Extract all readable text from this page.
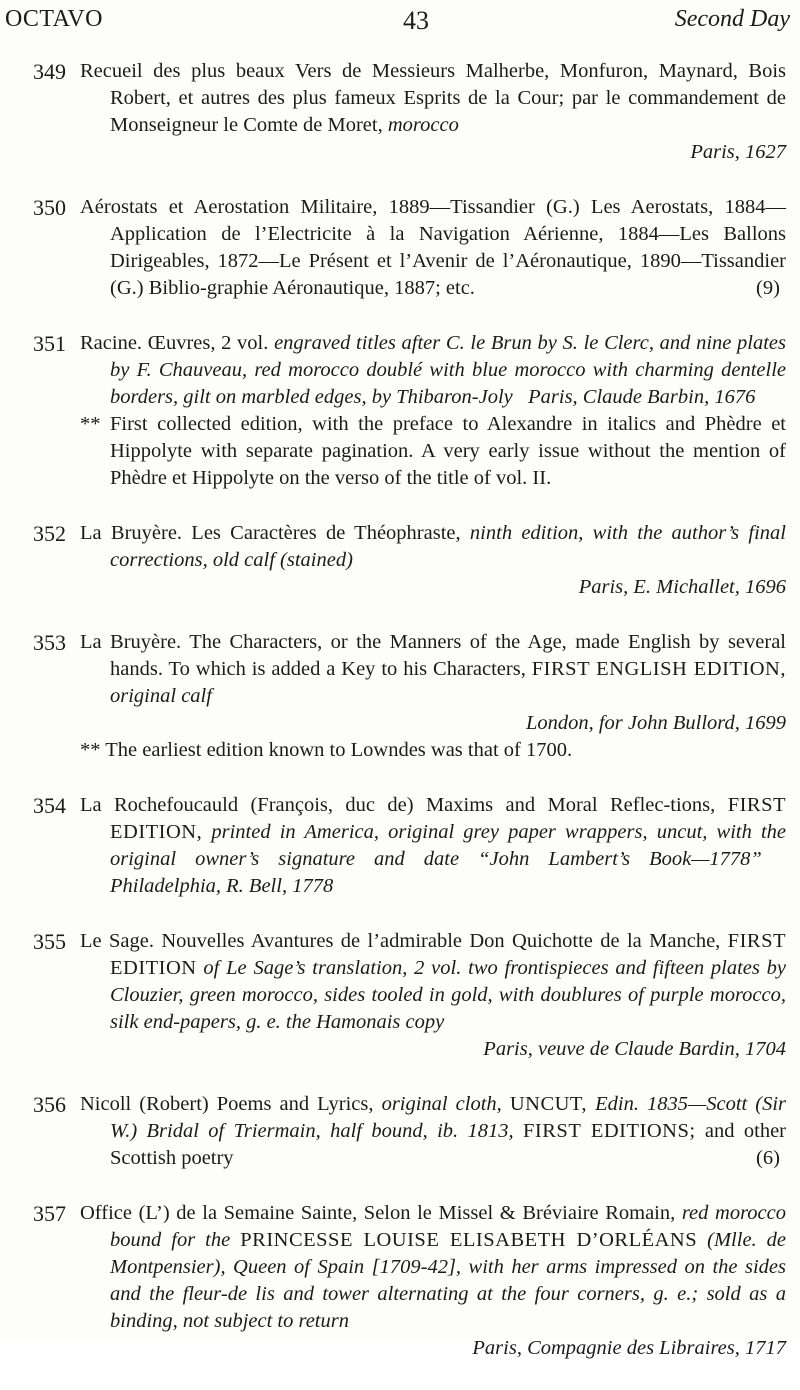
OCTAVO	43	Second Day
349 Recueil des plus beaux Vers de Messieurs Malherbe, Monfuron, Maynard, Bois Robert, et autres des plus fameux Esprits de la Cour; par le commandement de Monseigneur le Comte de Moret, morocco
Paris, 1627
350 Aérostats et Aerostation Militaire, 1889—Tissandier (G.) Les Aerostats, 1884—Application de l’Electricite à la Navigation Aérienne, 1884—Les Ballons Dirigeables, 1872—Le Présent et l’Avenir de l’Aéronautique, 1890—Tissandier (G.) Biblio-graphie Aéronautique, 1887; etc.	(9)
351 Racine. Œuvres, 2 vol. engraved titles after C. le Brun by S. le Clerc, and nine plates by F. Chauveau, red morocco doublé with blue morocco with charming dentelle borders, gilt on marbled edges, by Thibaron-Joly Paris, Claude Barbin, 1676
** First collected edition, with the preface to Alexandre in italics and Phèdre et Hippolyte with separate pagination. A very early issue without the mention of Phèdre et Hippolyte on the verso of the title of vol. II.
352 La Bruyère. Les Caractères de Théophraste, ninth edition, with the author’s final corrections, old calf (stained)
Paris, E. Michallet, 1696
353 La Bruyère. The Characters, or the Manners of the Age, made English by several hands. To which is added a Key to his Characters, FIRST ENGLISH EDITION, original calf
London, for John Bullord, 1699
** The earliest edition known to Lowndes was that of 1700.
354 La Rochefoucauld (François, duc de) Maxims and Moral Reflec-tions, FIRST EDITION, printed in America, original grey paper wrappers, uncut, with the original owner’s signature and date “John Lambert’s Book—1778”   Philadelphia, R. Bell, 1778
355 Le Sage. Nouvelles Avantures de l’admirable Don Quichotte de la Manche, FIRST EDITION of Le Sage’s translation, 2 vol. two frontispieces and fifteen plates by Clouzier, green morocco, sides tooled in gold, with doublures of purple morocco, silk end-papers, g. e. the Hamonais copy
Paris, veuve de Claude Bardin, 1704
356 Nicoll (Robert) Poems and Lyrics, original cloth, UNCUT, Edin. 1835—Scott (Sir W.) Bridal of Triermain, half bound, ib. 1813, FIRST EDITIONS; and other Scottish poetry	(6)
357 Office (L’) de la Semaine Sainte, Selon le Missel & Bréviaire Romain, red morocco bound for the PRINCESSE LOUISE ELISABETH D’ORLÉANS (Mlle. de Montpensier), Queen of Spain [1709-42], with her arms impressed on the sides and the fleur-de lis and tower alternating at the four corners, g. e.; sold as a binding, not subject to return
Paris, Compagnie des Libraires, 1717
